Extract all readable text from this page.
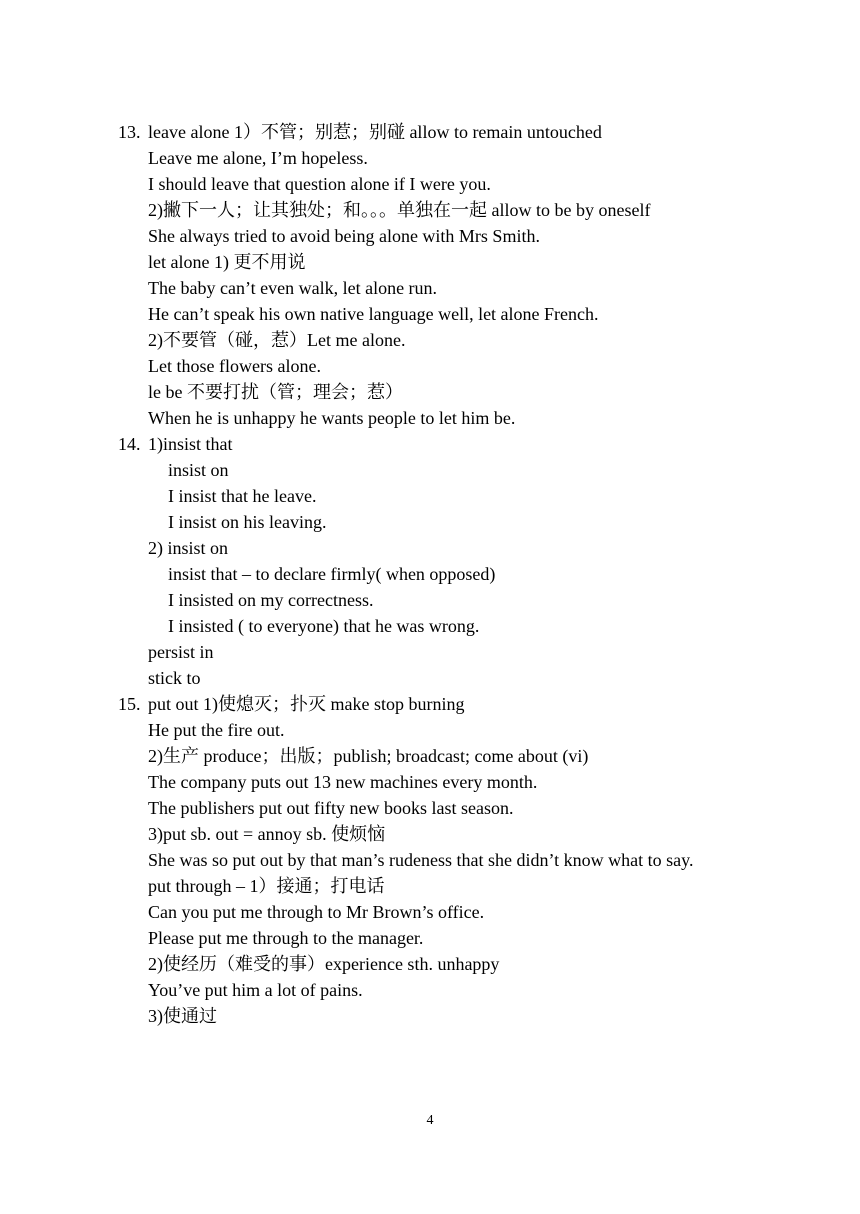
13. leave alone 1）不管；别惹；别碰 allow to remain untouched

Leave me alone, I’m hopeless.

I should leave that question alone if I were you.

2)撇下一人；让其独处；和。。。单独在一起 allow to be by oneself

She always tried to avoid being alone with Mrs Smith.

let alone 1) 更不用说

The baby can’t even walk, let alone run.

He can’t speak his own native language well, let alone French.

2)不要管（碰，惹）Let me alone.

Let those flowers alone.

le be 不要打扰（管；理会；惹）

When he is unhappy he wants people to let him be.

14. 1)insist that

insist on

I insist that he leave.

I insist on his leaving.

2) insist on

insist that – to declare firmly( when opposed)

I insisted on my correctness.

I insisted ( to everyone) that he was wrong.

persist in

stick to

15. put out 1)使熄灭；扑灭 make stop burning

He put the fire out.

2)生产 produce；出版；publish; broadcast; come about (vi)

The company puts out 13 new machines every month.

The publishers put out fifty new books last season.

3)put sb. out = annoy sb. 使烦恼

She was so put out by that man’s rudeness that she didn’t know what to say.

put through – 1）接通；打电话

Can you put me through to Mr Brown’s office.

Please put me through to the manager.

2)使经历（难受的事）experience sth. unhappy

You’ve put him a lot of pains.

3)使通过

4
